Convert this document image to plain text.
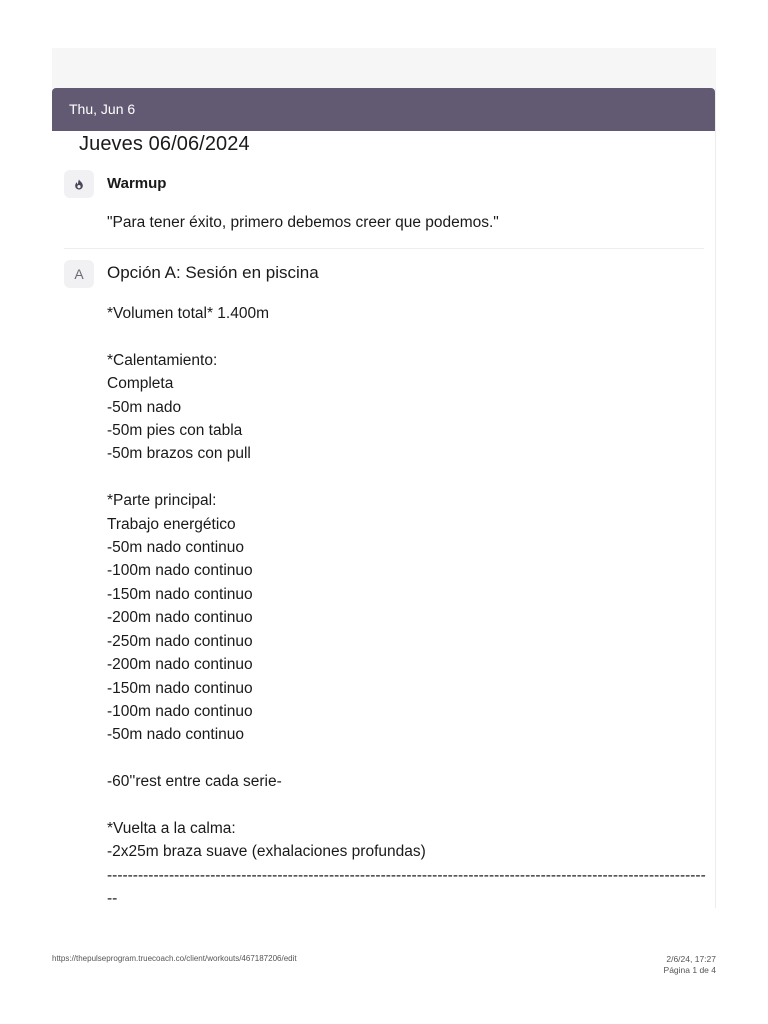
Thu, Jun 6
Jueves 06/06/2024
Warmup
"Para tener éxito, primero debemos creer que podemos."
A	Opción A: Sesión en piscina
*Volumen total* 1.400m

*Calentamiento:
Completa
-50m nado
-50m pies con tabla
-50m brazos con pull

*Parte principal:
Trabajo energético
-50m nado continuo
-100m nado continuo
-150m nado continuo
-200m nado continuo
-250m nado continuo
-200m nado continuo
-150m nado continuo
-100m nado continuo
-50m nado continuo

-60''rest entre cada serie-

*Vuelta a la calma:
-2x25m braza suave (exhalaciones profundas)
----------------------------------------------------------------------------------------------------------------------
https://thepulseprogram.truecoach.co/client/workouts/467187206/edit	2/6/24, 17:27
Página 1 de 4
